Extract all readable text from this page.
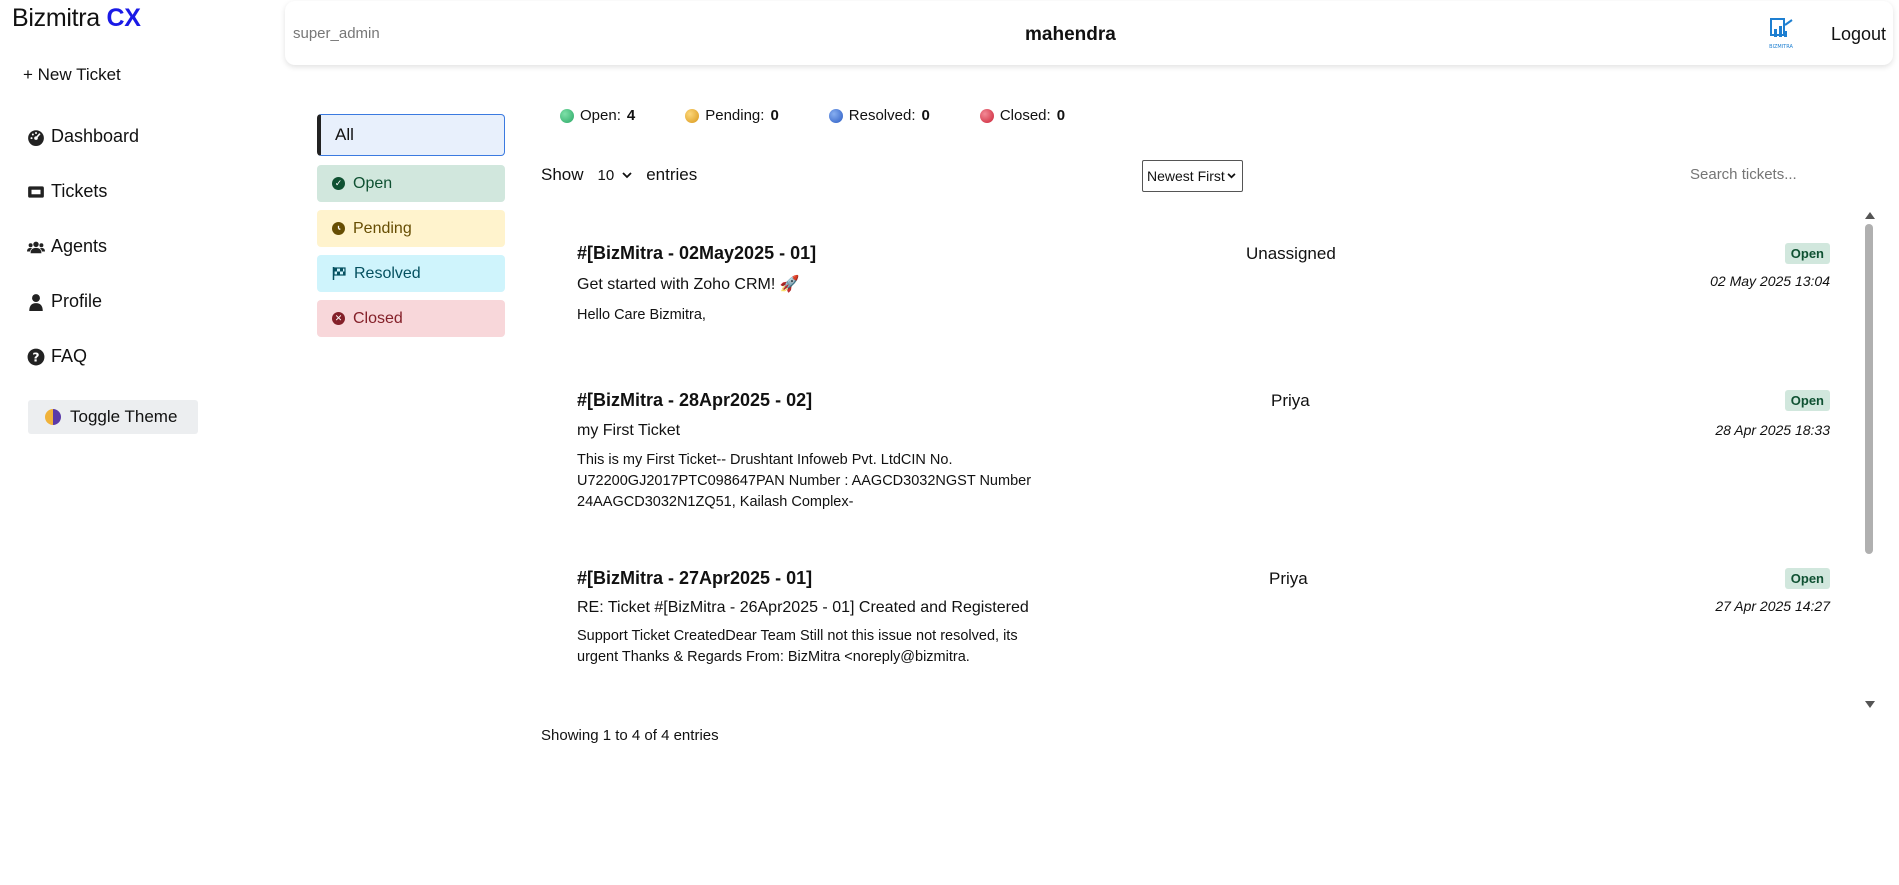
Bizmitra CX
+ New Ticket
Dashboard
Tickets
Agents
Profile
? FAQ
Toggle Theme
super_admin	mahendra
BIZMITRA
Logout
All
✓ Open
Pending
Resolved
✕ Closed
Open: 4	Pending: 0	Resolved: 0	Closed: 0
Show 10 entries	Newest First
Search tickets...
#[BizMitra - 02May2025 - 01]
Get started with Zoho CRM! 🚀
Hello Care Bizmitra,
Unassigned	Open
02 May 2025 13:04
#[BizMitra - 28Apr2025 - 02]
my First Ticket
This is my First Ticket-- Drushtant Infoweb Pvt. LtdCIN No. U72200GJ2017PTC098647PAN Number : AAGCD3032NGST Number 24AAGCD3032N1ZQ51, Kailash Complex-
Priya	Open
28 Apr 2025 18:33
#[BizMitra - 27Apr2025 - 01]
RE: Ticket #[BizMitra - 26Apr2025 - 01] Created and Registered
Support Ticket CreatedDear Team Still not this issue not resolved, its urgent Thanks & Regards From: BizMitra <noreply@bizmitra.
Priya	Open
27 Apr 2025 14:27
Showing 1 to 4 of 4 entries
